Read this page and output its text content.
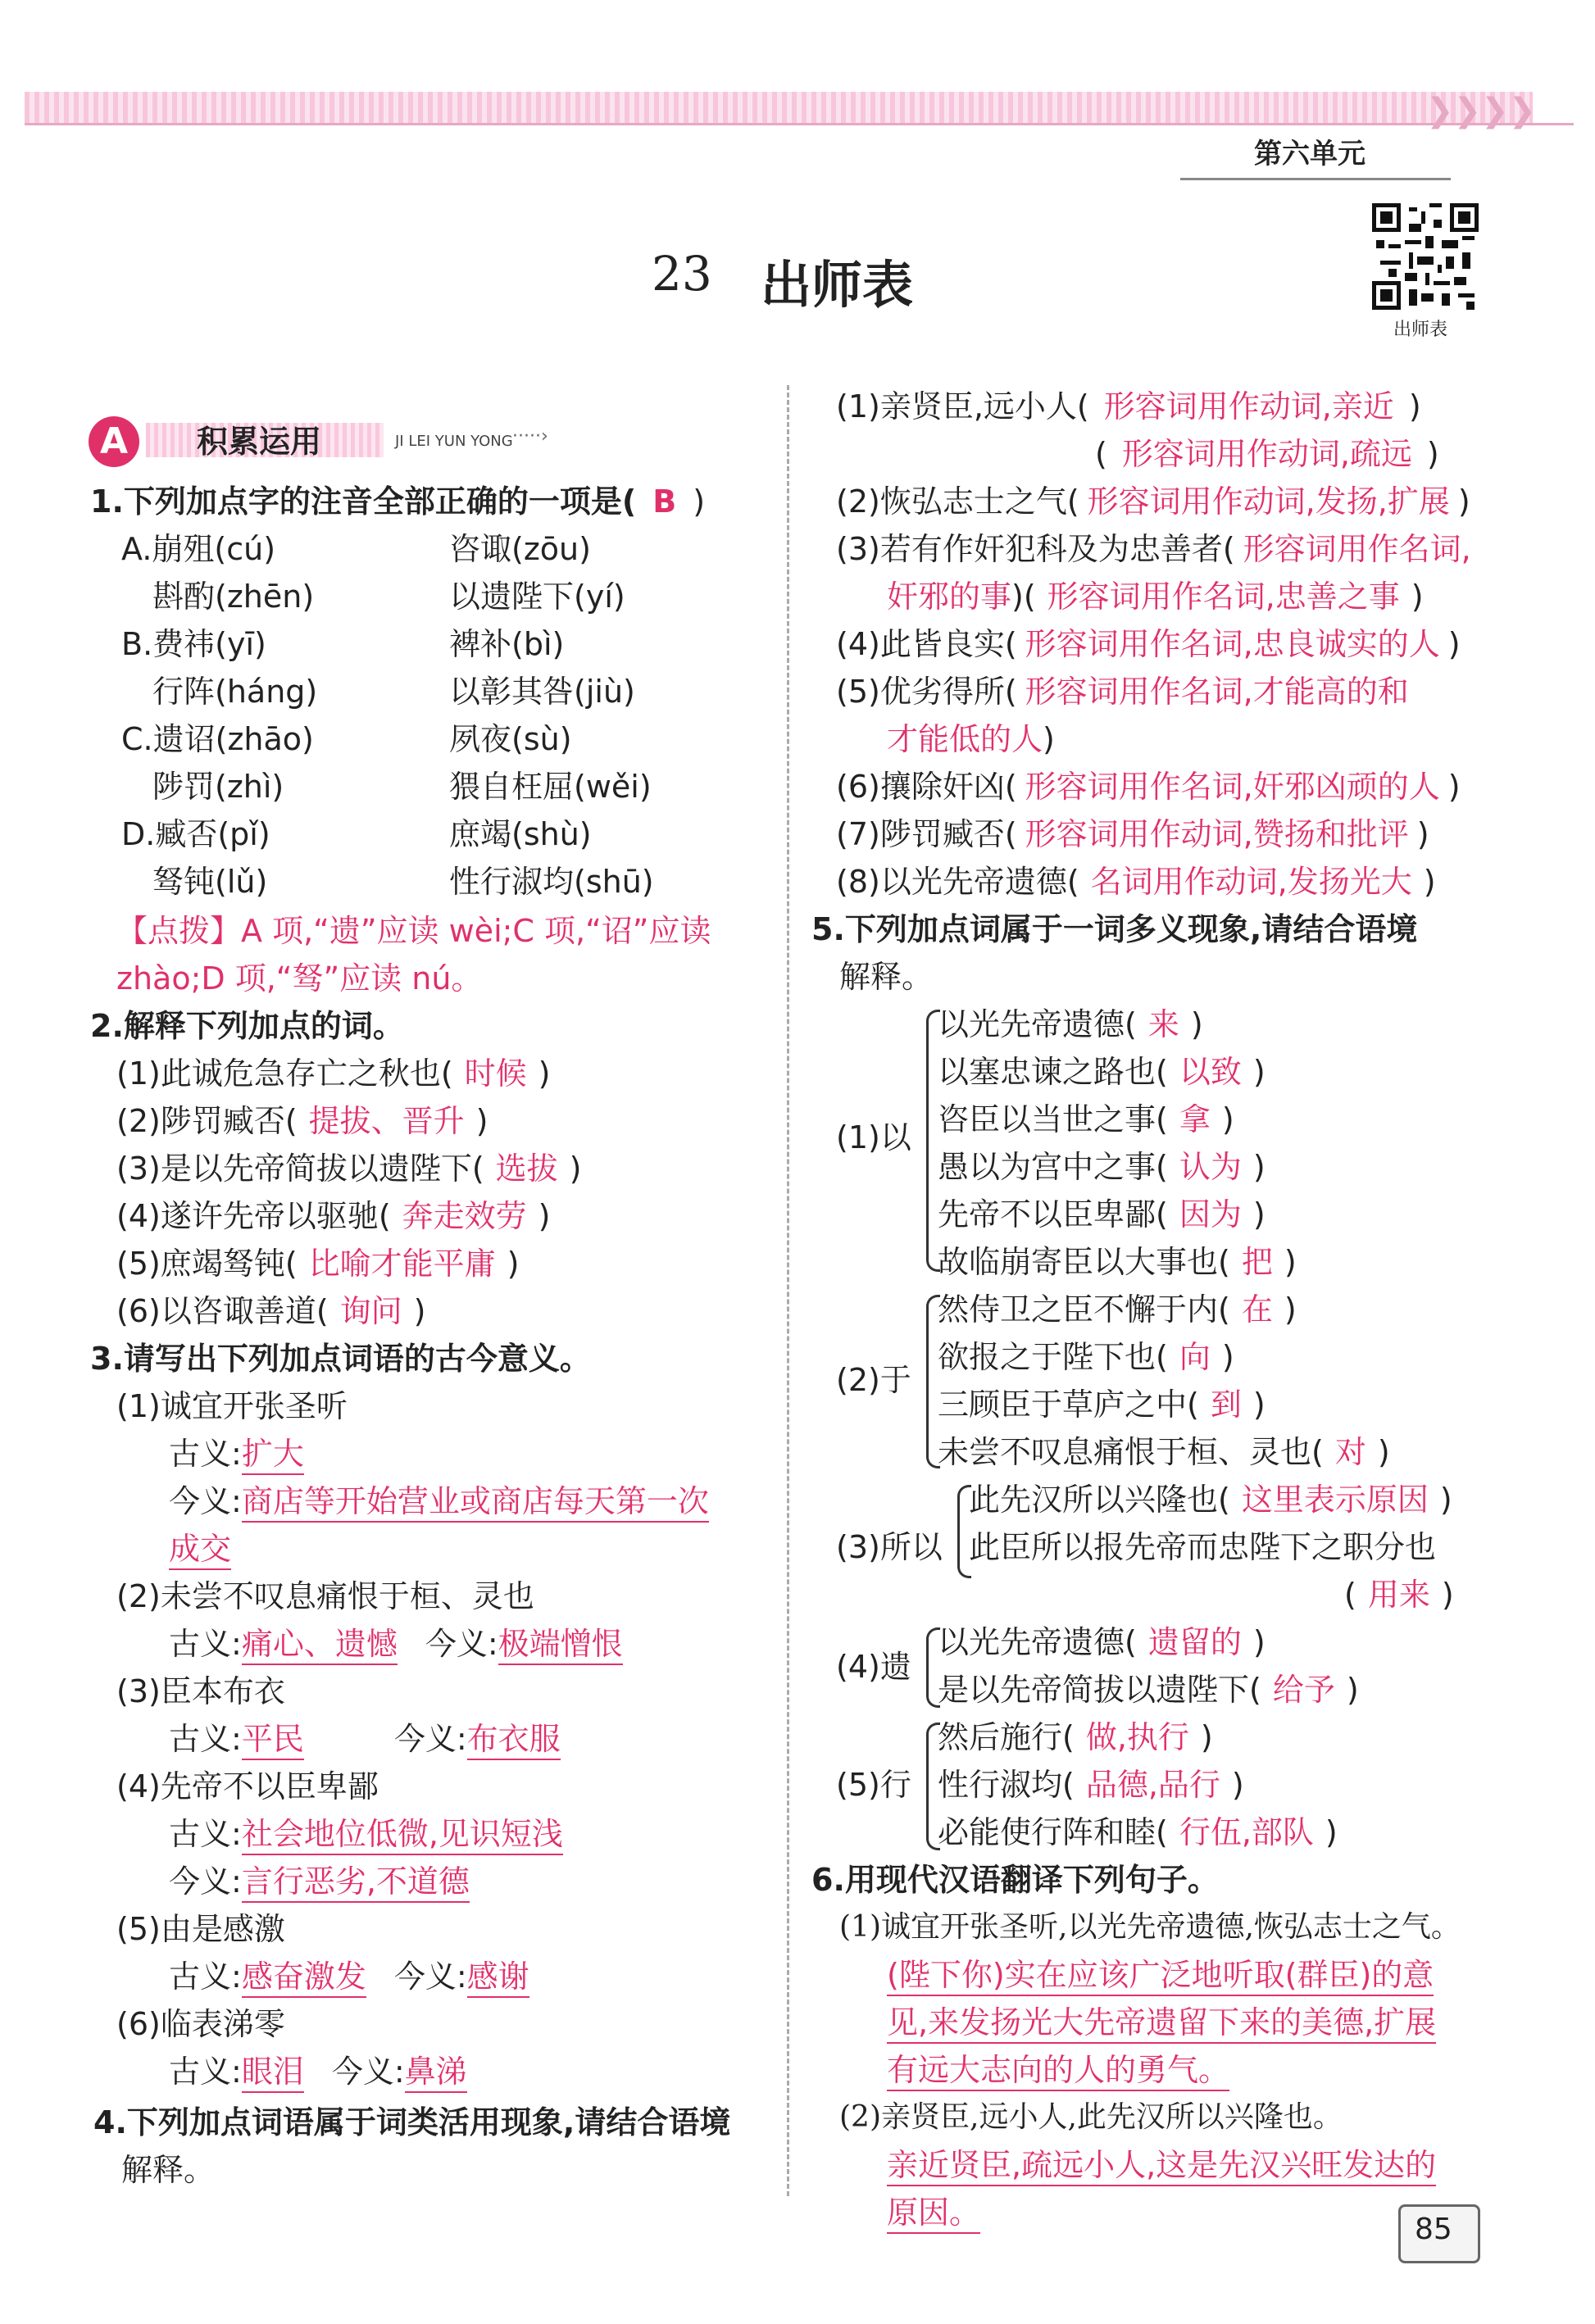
❯❯❯❯
第六单元
23 出师表
出师表
A	积累运用	JI LEI YUN YONG ·····›
1.下列加点字的注音全部正确的一项是( B )
A.崩殂(cú)	咨诹(zōu)
斟酌(zhēn)	以遗陛下(yí)
B.费祎(yī)	裨补(bì)
行阵(háng)	以彰其咎(jiù)
C.遗诏(zhāo)	夙夜(sù)
陟罚(zhì)	猥自枉屈(wěi)
D.臧否(pǐ)	庶竭(shù)
驽钝(lǔ)	性行淑均(shū)
【点拨】A 项,“遗”应读 wèi;C 项,“诏”应读
zhào;D 项,“驽”应读 nú。
2.解释下列加点的词。
(1)此诚危急存亡之秋也( 时候 )
(2)陟罚臧否( 提拔、晋升 )
(3)是以先帝简拔以遗陛下( 选拔 )
(4)遂许先帝以驱驰( 奔走效劳 )
(5)庶竭驽钝( 比喻才能平庸 )
(6)以咨诹善道( 询问 )
3.请写出下列加点词语的古今意义。
(1)诚宜开张圣听
古义:扩大
今义:商店等开始营业或商店每天第一次
成交
(2)未尝不叹息痛恨于桓、灵也
古义:痛心、遗憾 今义:极端憎恨
(3)臣本布衣
古义:平民	今义:布衣服
(4)先帝不以臣卑鄙
古义:社会地位低微,见识短浅
今义:言行恶劣,不道德
(5)由是感激
古义:感奋激发 今义:感谢
(6)临表涕零
古义:眼泪 今义:鼻涕
4.下列加点词语属于词类活用现象,请结合语境
解释。
(1)亲贤臣,远小人( 形容词用作动词,亲近 )
( 形容词用作动词,疏远 )
(2)恢弘志士之气( 形容词用作动词,发扬,扩展 )
(3)若有作奸犯科及为忠善者( 形容词用作名词,
奸邪的事)( 形容词用作名词,忠善之事 )
(4)此皆良实( 形容词用作名词,忠良诚实的人 )
(5)优劣得所( 形容词用作名词,才能高的和
才能低的人)
(6)攘除奸凶( 形容词用作名词,奸邪凶顽的人 )
(7)陟罚臧否( 形容词用作动词,赞扬和批评 )
(8)以光先帝遗德( 名词用作动词,发扬光大 )
5.下列加点词属于一词多义现象,请结合语境
解释。
(1)以
以光先帝遗德( 来 )
以塞忠谏之路也( 以致 )
咨臣以当世之事( 拿 )
愚以为宫中之事( 认为 )
先帝不以臣卑鄙( 因为 )
故临崩寄臣以大事也( 把 )
(2)于
然侍卫之臣不懈于内( 在 )
欲报之于陛下也( 向 )
三顾臣于草庐之中( 到 )
未尝不叹息痛恨于桓、灵也( 对 )
(3)所以
此先汉所以兴隆也( 这里表示原因 )
此臣所以报先帝而忠陛下之职分也
( 用来 )
(4)遗
以光先帝遗德( 遗留的 )
是以先帝简拔以遗陛下( 给予 )
(5)行
然后施行( 做,执行 )
性行淑均( 品德,品行 )
必能使行阵和睦( 行伍,部队 )
6.用现代汉语翻译下列句子。
(1)诚宜开张圣听,以光先帝遗德,恢弘志士之气。
(陛下你)实在应该广泛地听取(群臣)的意
见,来发扬光大先帝遗留下来的美德,扩展
有远大志向的人的勇气。
(2)亲贤臣,远小人,此先汉所以兴隆也。
亲近贤臣,疏远小人,这是先汉兴旺发达的
原因。	85
